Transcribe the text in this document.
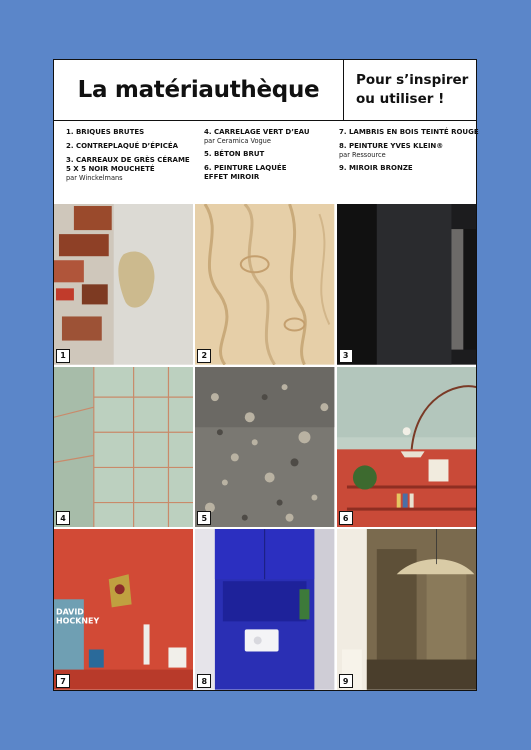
La matériauthèque	Pour s’inspirer
ou utiliser !
1. BRIQUES BRUTES
2. CONTREPLAQUÉ D’ÉPICÉA
3. CARREAUX DE GRÈS CÉRAME
5 X 5 NOIR MOUCHETÉ
par Winckelmans
4. CARRELAGE VERT D’EAU
par Ceramica Vogue
5. BÉTON BRUT
6. PEINTURE LAQUÉE
EFFET MIROIR
7. LAMBRIS EN BOIS TEINTÉ ROUGE
8. PEINTURE YVES KLEIN®
par Ressource
9. MIROIR BRONZE
1	2	3
4	5	6
DAVID
HOCKNEY
7	8	9
